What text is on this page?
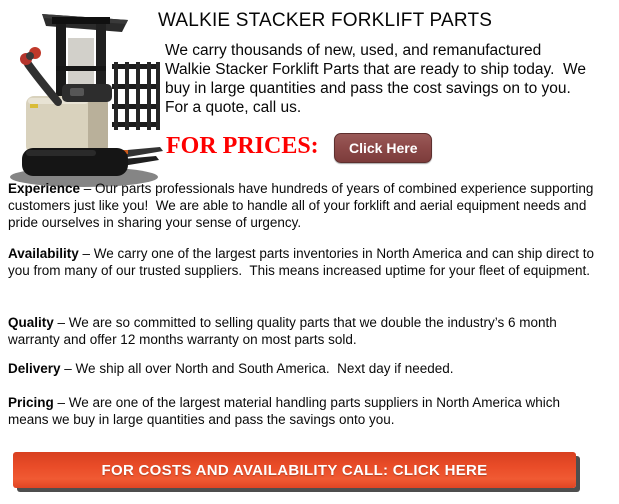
WALKIE STACKER FORKLIFT PARTS
We carry thousands of new, used, and remanufactured
Walkie Stacker Forklift Parts that are ready to ship today.  We
buy in large quantities and pass the cost savings on to you.
For a quote, call us.
FOR PRICES:	Click Here

Experience – Our parts professionals have hundreds of years of combined experience supporting customers just like you!  We are able to handle all of your forklift and aerial equipment needs and pride ourselves in sharing your sense of urgency.

Availability – We carry one of the largest parts inventories in North America and can ship direct to you from many of our trusted suppliers.  This means increased uptime for your fleet of equipment.

Quality – We are so committed to selling quality parts that we double the industry’s 6 month warranty and offer 12 months warranty on most parts sold.

Delivery – We ship all over North and South America.  Next day if needed.

Pricing – We are one of the largest material handling parts suppliers in North America which means we buy in large quantities and pass the savings onto you.

FOR COSTS AND AVAILABILITY CALL: CLICK HERE
